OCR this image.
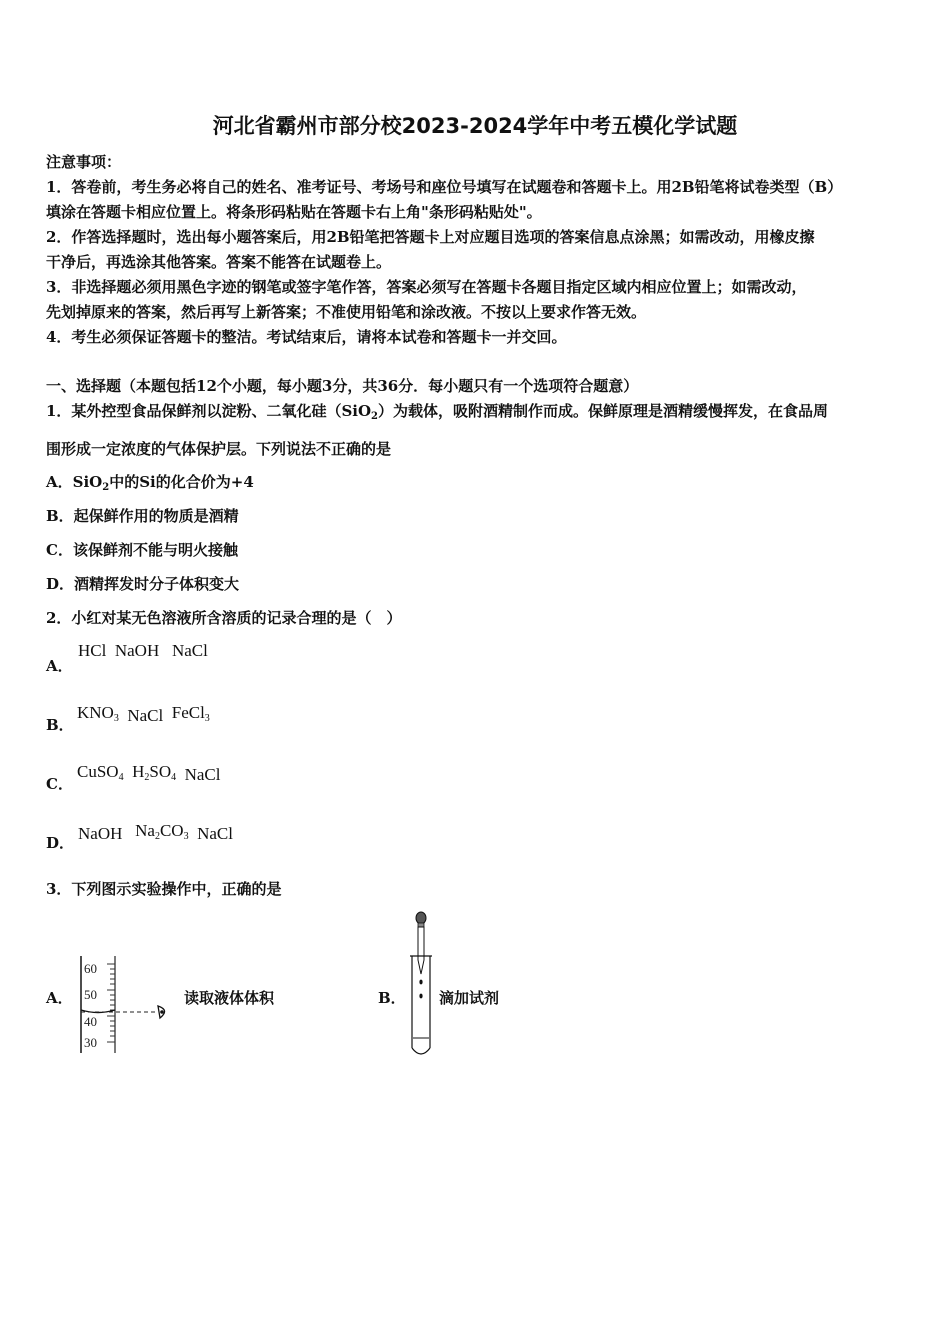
河北省霸州市部分校2023-2024学年中考五模化学试题
注意事项：
1．答卷前，考生务必将自己的姓名、准考证号、考场号和座位号填写在试题卷和答题卡上。用2B铅笔将试卷类型（B）
填涂在答题卡相应位置上。将条形码粘贴在答题卡右上角"条形码粘贴处"。
2．作答选择题时，选出每小题答案后，用2B铅笔把答题卡上对应题目选项的答案信息点涂黑；如需改动，用橡皮擦
干净后，再选涂其他答案。答案不能答在试题卷上。
3．非选择题必须用黑色字迹的钢笔或签字笔作答，答案必须写在答题卡各题目指定区域内相应位置上；如需改动，
先划掉原来的答案，然后再写上新答案；不准使用铅笔和涂改液。不按以上要求作答无效。
4．考生必须保证答题卡的整洁。考试结束后，请将本试卷和答题卡一并交回。
一、选择题（本题包括12个小题，每小题3分，共36分．每小题只有一个选项符合题意）
1．某外控型食品保鲜剂以淀粉、二氧化硅（SiO$_2$）为载体，吸附酒精制作而成。保鲜原理是酒精缓慢挥发，在食品周
围形成一定浓度的气体保护层。下列说法不正确的是
A．SiO$_2$中的Si的化合价为+4
B．起保鲜作用的物质是酒精
C．该保鲜剂不能与明火接触
D．酒精挥发时分子体积变大
2．小红对某无色溶液所含溶质的记录合理的是（　）
A．
HCl NaOH NaCl
B．
$KNO_3$ NaCl FeCl$_3$
C．
CuSO$_4$ $H_2SO_4$ NaCl
D． NaOH $Na_2CO_3$ NaCl
3．下列图示实验操作中，正确的是
A．
60
50
40
30
读取液体体积	B． 滴加试剂
